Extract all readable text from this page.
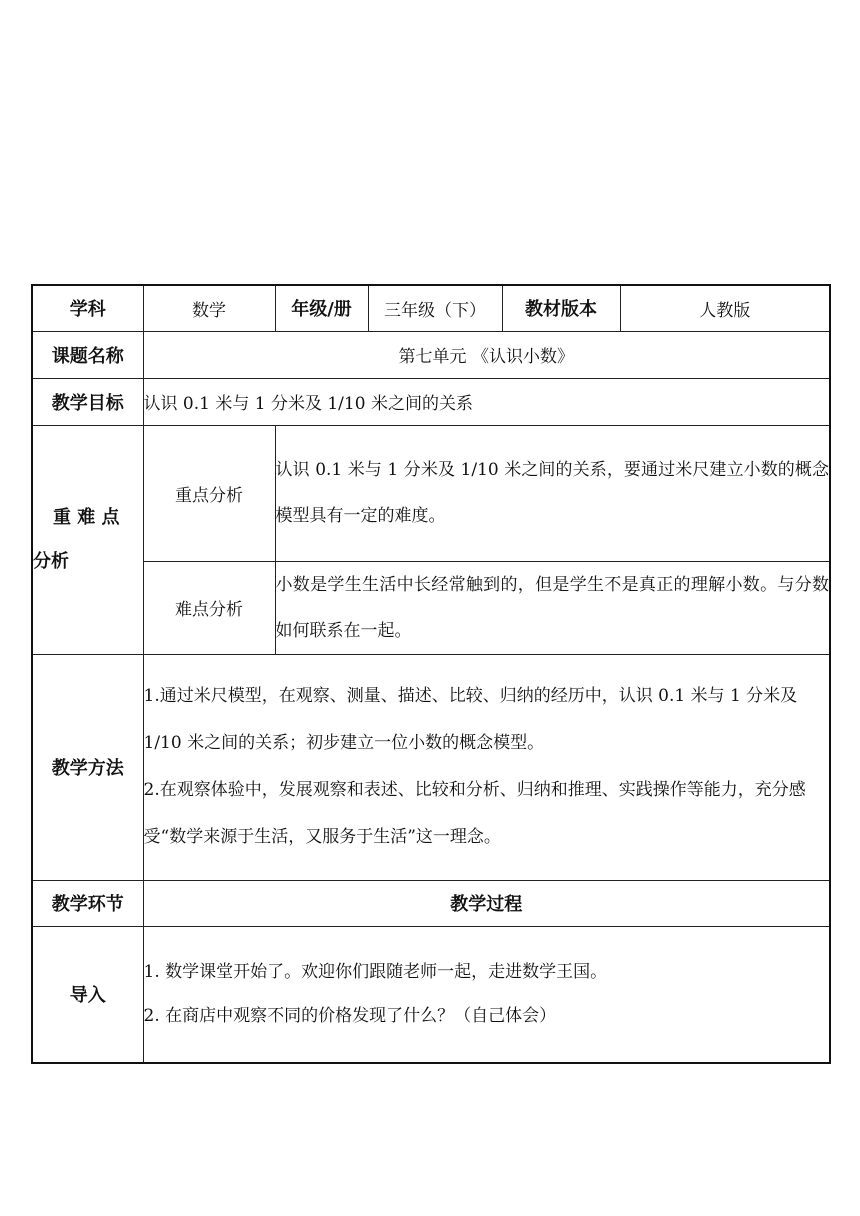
学科	数学	年级/册	三年级（下）	教材版本	人教版
课题名称	第七单元 《认识小数》				
教学目标	认识 0.1 米与 1 分米及 1/10 米之间的关系				

重 难 点
分析	重点分析	认识 0.1 米与 1 分米及 1/10 米之间的关系，要通过米尺建立小数的概念模型具有一定的难度。			
	难点分析	小数是学生生活中长经常触到的，但是学生不是真正的理解小数。与分数如何联系在一起。			
教学方法	1.通过米尺模型，在观察、测量、描述、比较、归纳的经历中，认识 0.1 米与 1 分米及 1/10 米之间的关系；初步建立一位小数的概念模型。

2.在观察体验中，发展观察和表述、比较和分析、归纳和推理、实践操作等能力，充分感受“数学来源于生活，又服务于生活”这一理念。				

教学环节	教学过程				
导入	1. 数学课堂开始了。欢迎你们跟随老师一起，走进数学王国。

2. 在商店中观察不同的价格发现了什么？（自己体会）				
